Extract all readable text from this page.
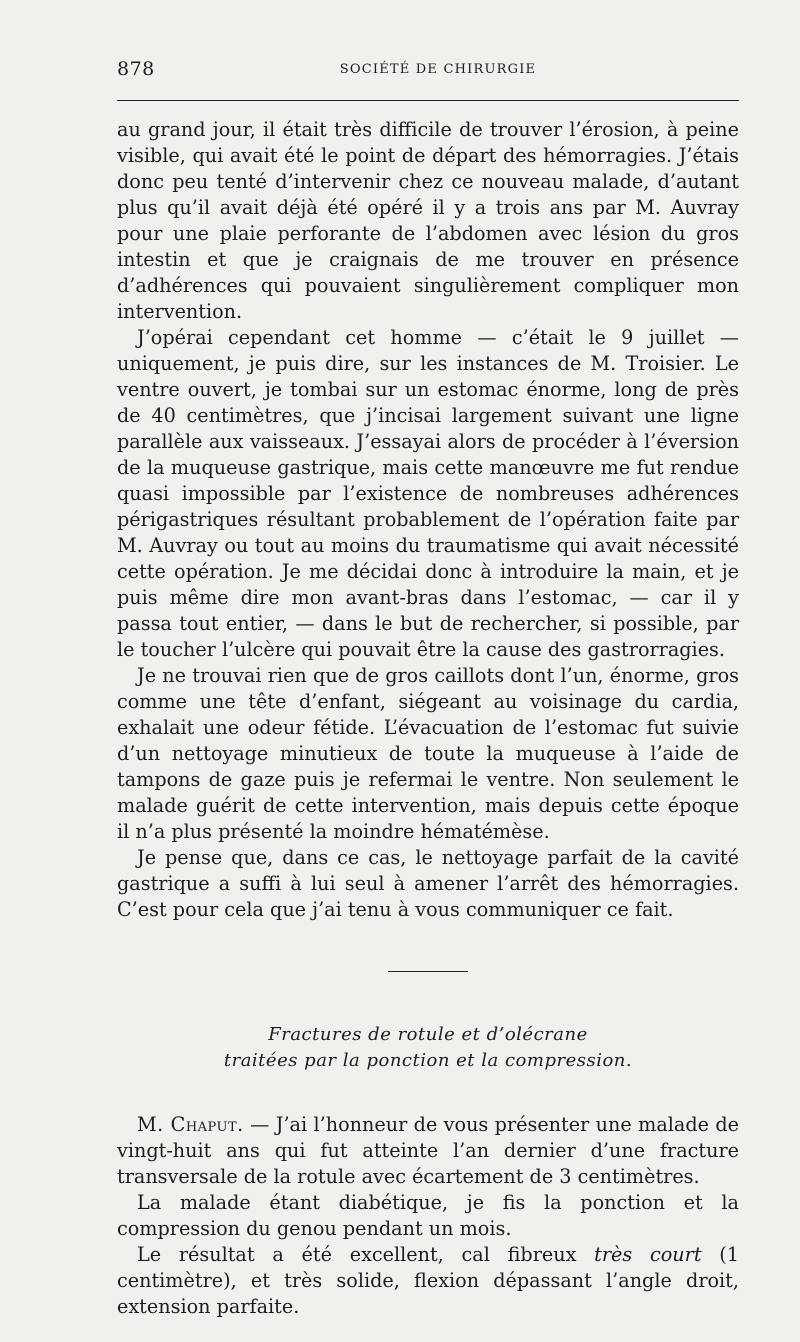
878	SOCIÉTÉ DE CHIRURGIE

au grand jour, il était très difficile de trouver l’érosion, à peine visible, qui avait été le point de départ des hémorragies. J’étais donc peu tenté d’intervenir chez ce nouveau malade, d’autant plus qu’il avait déjà été opéré il y a trois ans par M. Auvray pour une plaie perforante de l’abdomen avec lésion du gros intestin et que je craignais de me trouver en présence d’adhérences qui pouvaient singulièrement compliquer mon intervention.

J’opérai cependant cet homme — c’était le 9 juillet — uniquement, je puis dire, sur les instances de M. Troisier. Le ventre ouvert, je tombai sur un estomac énorme, long de près de 40 centimètres, que j’incisai largement suivant une ligne parallèle aux vaisseaux. J’essayai alors de procéder à l’éversion de la muqueuse gastrique, mais cette manœuvre me fut rendue quasi impossible par l’existence de nombreuses adhérences périgastriques résultant probablement de l’opération faite par M. Auvray ou tout au moins du traumatisme qui avait nécessité cette opération. Je me décidai donc à introduire la main, et je puis même dire mon avant-bras dans l’estomac, — car il y passa tout entier, — dans le but de rechercher, si possible, par le toucher l’ulcère qui pouvait être la cause des gastrorragies.

Je ne trouvai rien que de gros caillots dont l’un, énorme, gros comme une tête d’enfant, siégeant au voisinage du cardia, exhalait une odeur fétide. L’évacuation de l’estomac fut suivie d’un nettoyage minutieux de toute la muqueuse à l’aide de tampons de gaze puis je refermai le ventre. Non seulement le malade guérit de cette intervention, mais depuis cette époque il n’a plus présenté la moindre hématémèse.

Je pense que, dans ce cas, le nettoyage parfait de la cavité gastrique a suffi à lui seul à amener l’arrêt des hémorragies. C’est pour cela que j’ai tenu à vous communiquer ce fait.

Fractures de rotule et d’olécrane
traitées par la ponction et la compression.

M. Chaput. — J’ai l’honneur de vous présenter une malade de vingt-huit ans qui fut atteinte l’an dernier d’une fracture transversale de la rotule avec écartement de 3 centimètres.

La malade étant diabétique, je fis la ponction et la compression du genou pendant un mois.

Le résultat a été excellent, cal fibreux très court (1 centimètre), et très solide, flexion dépassant l’angle droit, extension parfaite.
